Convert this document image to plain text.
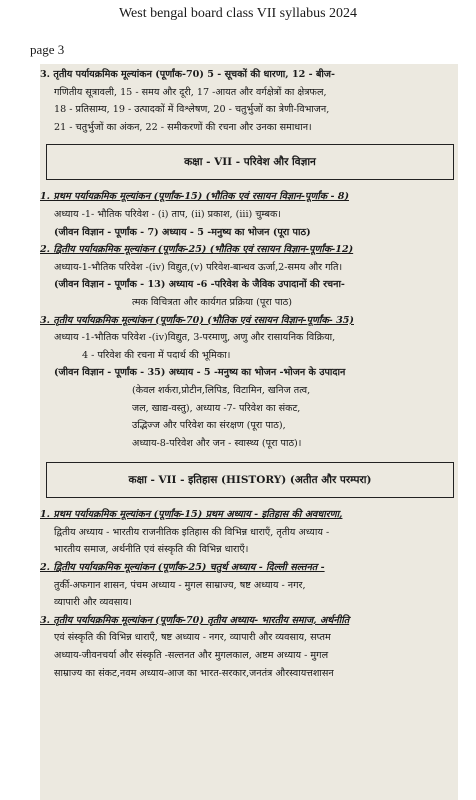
West bengal board class VII syllabus 2024
page 3

3. तृतीय पर्यायक्रमिक मूल्यांकन (पूर्णांक-70) 5 - सूचकों की धारणा, 12 - बीज-

गणितीय सूत्रावली, 15 - समय और दूरी, 17 -आयत और वर्गक्षेत्रों का क्षेत्रफल,

18 - प्रतिसाम्य, 19 - उत्पादकों में विश्लेषण, 20 - चतुर्भुजों का त्रेणी-विभाजन,

21 - चतुर्भुजों का अंकन, 22 - समीकरणों की रचना और उनका समाधान।

कक्षा - VII - परिवेश और विज्ञान

1. प्रथम पर्यायक्रमिक मूल्यांकन (पूर्णांक-15) (भौतिक एवं रसायन विज्ञान-पूर्णांक - 8)

अध्याय -1- भौतिक परिवेश - (i) ताप, (ii) प्रकाश, (iii) चुम्बक।

(जीवन विज्ञान - पूर्णांक - 7) अध्याय - 5 -मनुष्य का भोजन (पूरा पाठ)

2. द्वितीय पर्यायक्रमिक मूल्यांकन (पूर्णांक-25) (भौतिक एवं रसायन विज्ञान-पूर्णांक-12)

अध्याय-1-भौतिक परिवेश -(iv) विद्युत,(v) परिवेश-बान्धव ऊर्जा,2-समय और गति।

(जीवन विज्ञान - पूर्णांक - 13) अध्याय -6 -परिवेश के जैविक उपादानों की रचना-

त्मक विचित्रता और कार्यगत प्रक्रिया (पूरा पाठ)

3. तृतीय पर्यायक्रमिक मूल्यांकन (पूर्णांक-70) (भौतिक एवं रसायन विज्ञान-पूर्णांक- 35)

अध्याय -1-भौतिक परिवेश -(iv)विद्युत, 3-परमाणु, अणु और रासायनिक विक्रिया,

4 - परिवेश की रचना में पदार्थ की भूमिका।

(जीवन विज्ञान - पूर्णांक - 35) अध्याय - 5 -मनुष्य का भोजन -भोजन के उपादान

(केवल शर्करा,प्रोटीन,लिपिड, विटामिन, खनिज तत्व,

जल, खाद्य-वस्तु), अध्याय -7- परिवेश का संकट,

उद्भिज्ज और परिवेश का संरक्षण (पूरा पाठ),

अध्याय-8-परिवेश और जन - स्वास्थ्य (पूरा पाठ)।

कक्षा - VII - इतिहास (HISTORY) (अतीत और परम्परा)

1. प्रथम पर्यायक्रमिक मूल्यांकन (पूर्णांक-15) प्रथम अध्याय - इतिहास की अवधारणा,

द्वितीय अध्याय - भारतीय राजनीतिक इतिहास की विभिन्न धाराएँ, तृतीय अध्याय -

भारतीय समाज, अर्थनीति एवं संस्कृति की विभिन्न धाराएँ।

2. द्वितीय पर्यायक्रमिक मूल्यांकन (पूर्णांक-25) चतुर्थ अध्याय - दिल्ली सल्तनत -

तुर्की-अफगान शासन, पंचम अध्याय - मुगल साम्राज्य, षष्ट अध्याय - नगर,

व्यापारी और व्यवसाय।

3. तृतीय पर्यायक्रमिक मूल्यांकन (पूर्णांक-70) तृतीय अध्याय- भारतीय समाज, अर्थनीति

एवं संस्कृति की विभिन्न धाराएँ, षष्ट अध्याय - नगर, व्यापारी और व्यवसाय, सप्तम

अध्याय-जीवनचर्या और संस्कृति -सल्तनत और मुगलकाल, अष्टम अध्याय - मुगल

साम्राज्य का संकट,नवम अध्याय-आज का भारत-सरकार,जनतंत्र औरस्वायत्तशासन
